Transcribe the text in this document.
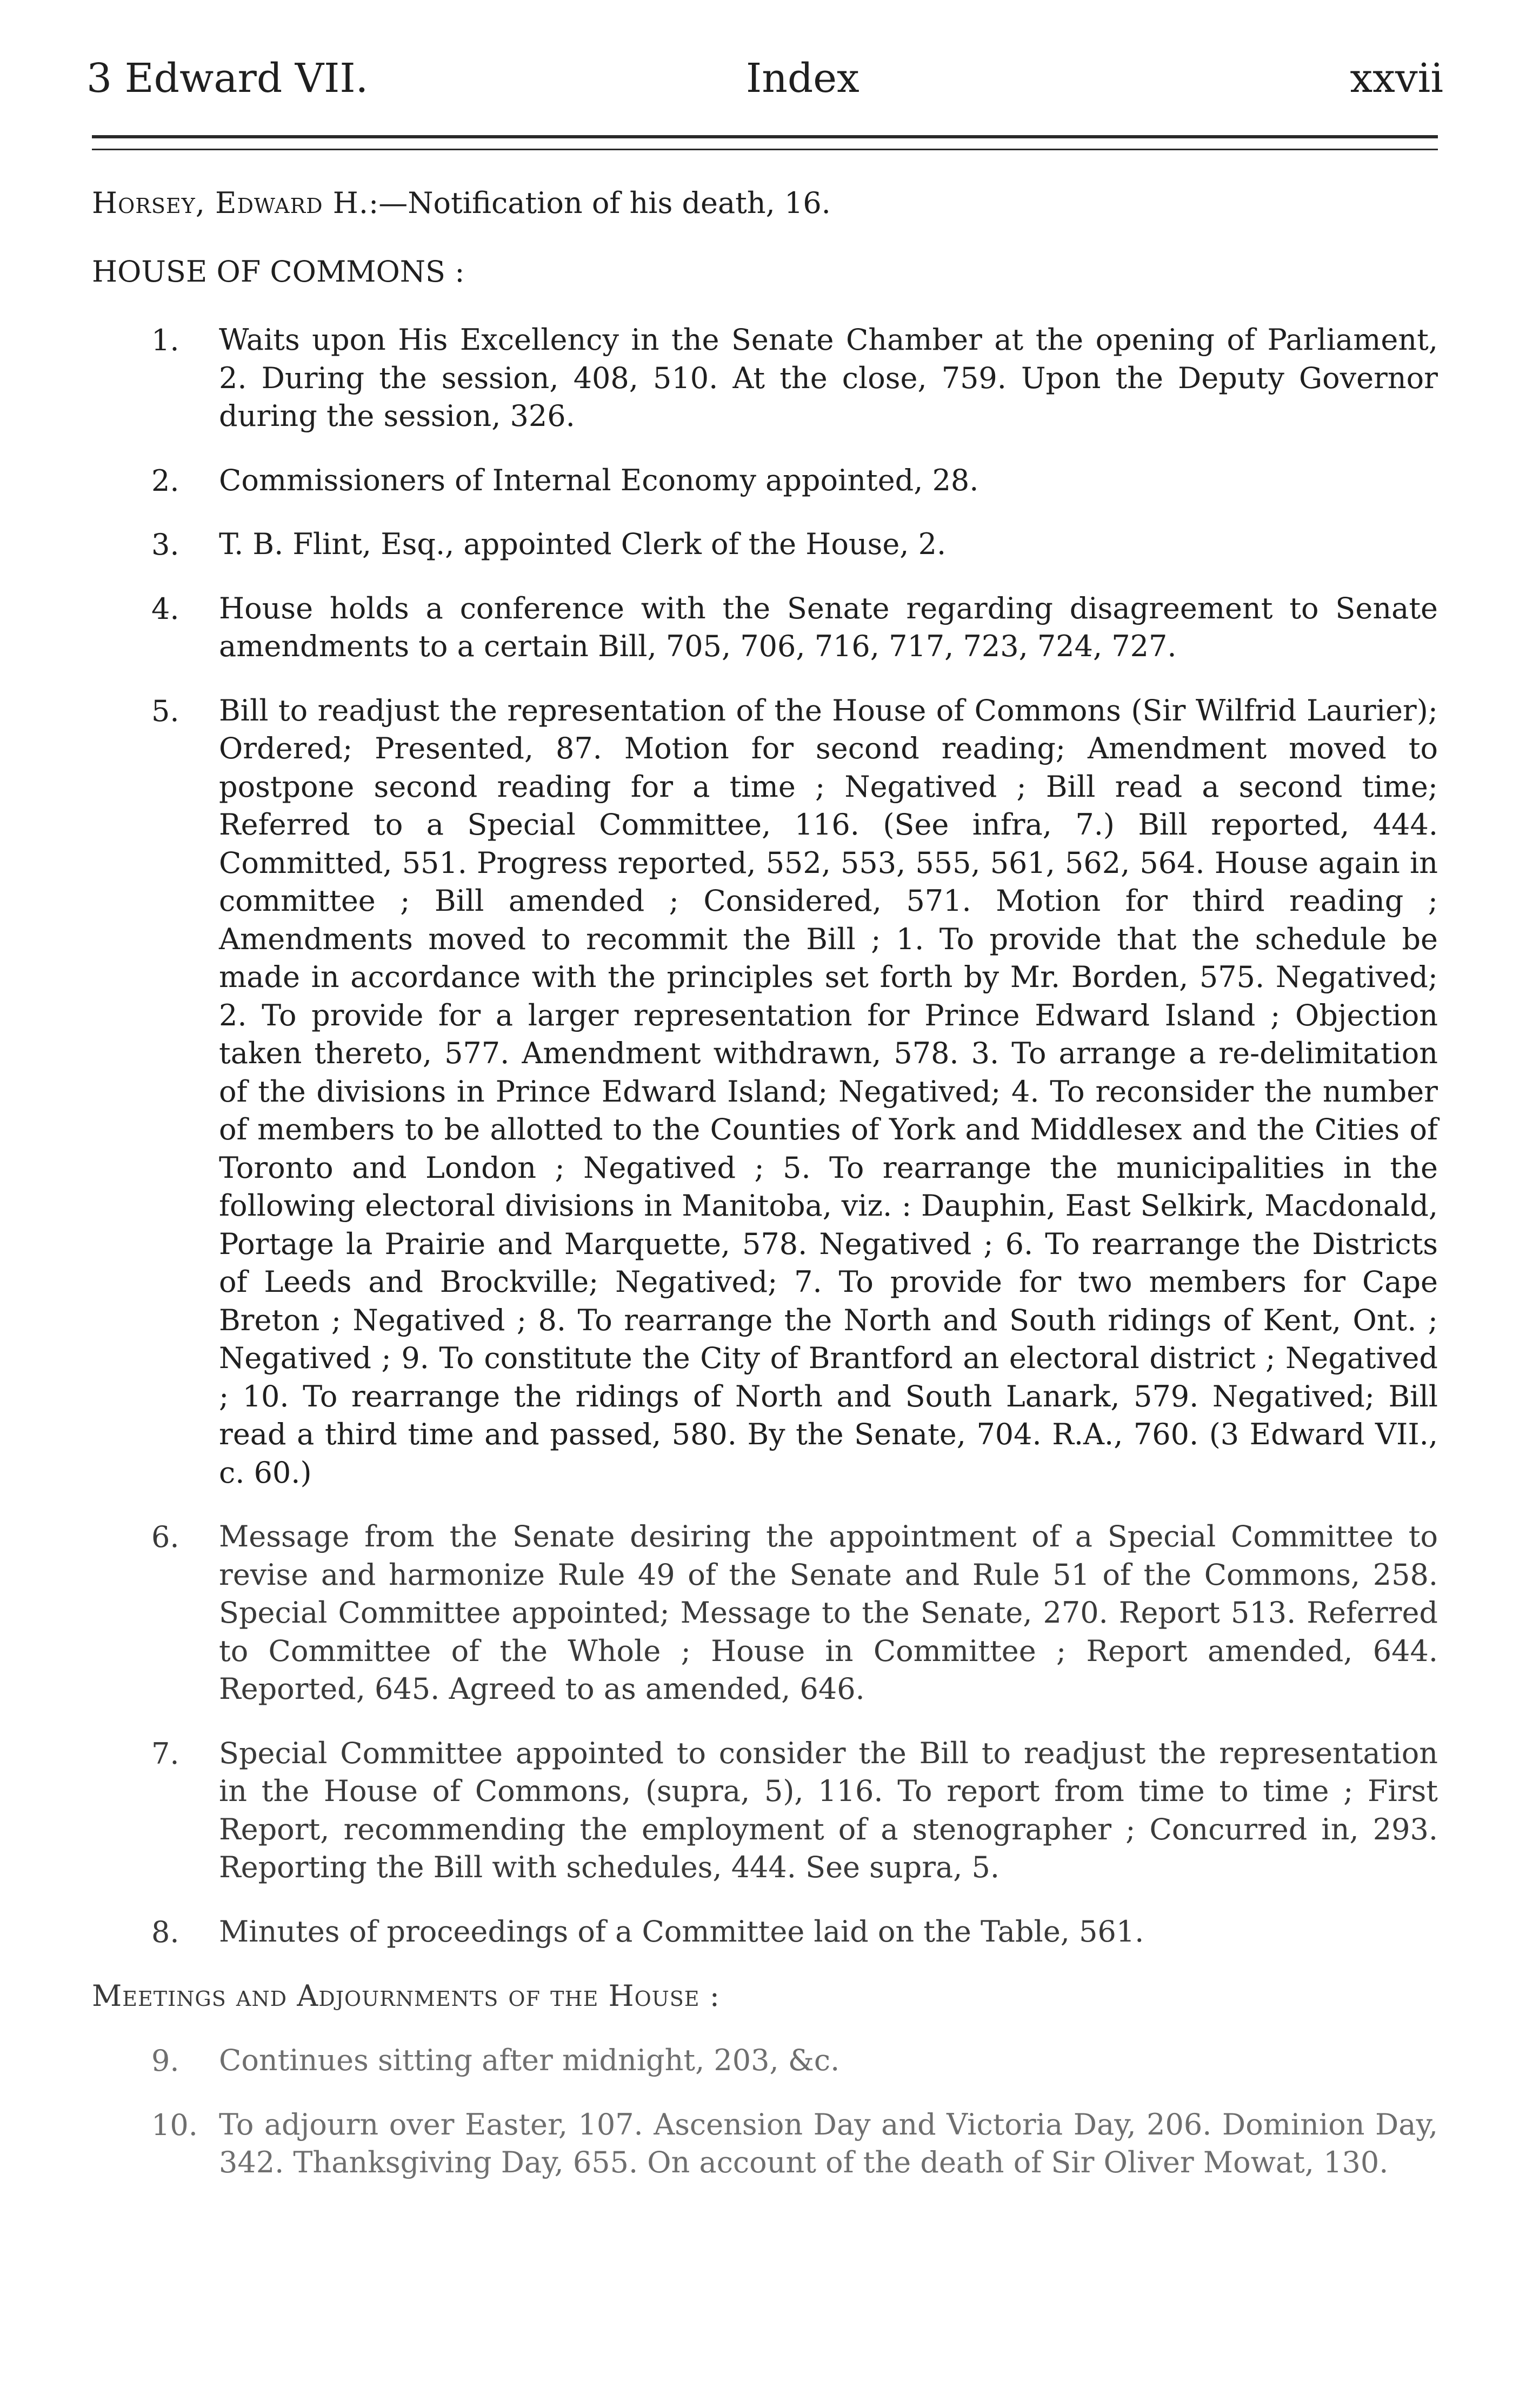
3 Edward VII.	Index	xxvii

Horsey, Edward H.:—Notification of his death, 16.

HOUSE OF COMMONS :

1. Waits upon His Excellency in the Senate Chamber at the opening of Parliament, 2. During the session, 408, 510. At the close, 759. Upon the Deputy Governor during the session, 326.
2. Commissioners of Internal Economy appointed, 28.
3. T. B. Flint, Esq., appointed Clerk of the House, 2.
4. House holds a conference with the Senate regarding disagreement to Senate amendments to a certain Bill, 705, 706, 716, 717, 723, 724, 727.
5. Bill to readjust the representation of the House of Commons (Sir Wilfrid Laurier); Ordered; Presented, 87. Motion for second reading; Amendment moved to postpone second reading for a time ; Negatived ; Bill read a second time; Referred to a Special Committee, 116. (See infra, 7.) Bill reported, 444. Committed, 551. Progress reported, 552, 553, 555, 561, 562, 564. House again in committee ; Bill amended ; Considered, 571. Motion for third reading ; Amendments moved to recommit the Bill ; 1. To provide that the schedule be made in accordance with the principles set forth by Mr. Borden, 575. Negatived; 2. To provide for a larger representation for Prince Edward Island ; Objection taken thereto, 577. Amendment withdrawn, 578. 3. To arrange a re-delimitation of the divisions in Prince Edward Island; Negatived; 4. To reconsider the number of members to be allotted to the Counties of York and Middlesex and the Cities of Toronto and London ; Negatived ; 5. To rearrange the municipalities in the following electoral divisions in Manitoba, viz. : Dauphin, East Selkirk, Macdonald, Portage la Prairie and Marquette, 578. Negatived ; 6. To rearrange the Districts of Leeds and Brockville; Negatived; 7. To provide for two members for Cape Breton ; Negatived ; 8. To rearrange the North and South ridings of Kent, Ont. ; Negatived ; 9. To constitute the City of Brantford an electoral district ; Negatived ; 10. To rearrange the ridings of North and South Lanark, 579. Negatived; Bill read a third time and passed, 580. By the Senate, 704. R.A., 760. (3 Edward VII., c. 60.)
6. Message from the Senate desiring the appointment of a Special Committee to revise and harmonize Rule 49 of the Senate and Rule 51 of the Commons, 258. Special Committee appointed; Message to the Senate, 270. Report 513. Referred to Committee of the Whole ; House in Committee ; Report amended, 644. Reported, 645. Agreed to as amended, 646.
7. Special Committee appointed to consider the Bill to readjust the representation in the House of Commons, (supra, 5), 116. To report from time to time ; First Report, recommending the employment of a stenographer ; Concurred in, 293. Reporting the Bill with schedules, 444. See supra, 5.
8. Minutes of proceedings of a Committee laid on the Table, 561.

Meetings and Adjournments of the House :

9. Continues sitting after midnight, 203, &c.
10. To adjourn over Easter, 107. Ascension Day and Victoria Day, 206. Dominion Day, 342. Thanksgiving Day, 655. On account of the death of Sir Oliver Mowat, 130.
